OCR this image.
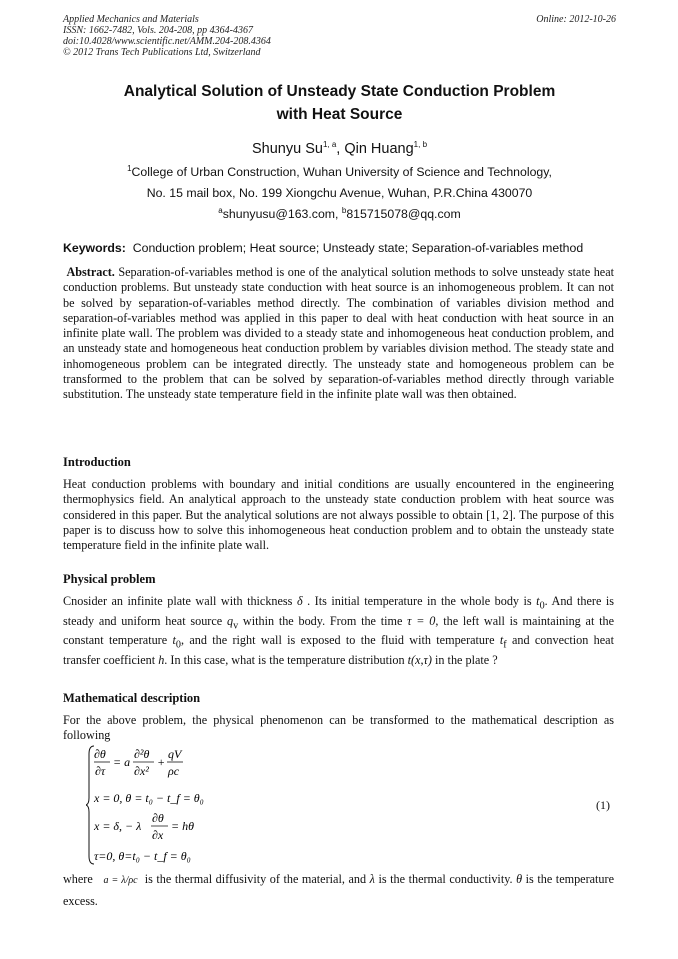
Applied Mechanics and Materials
ISSN: 1662-7482, Vols. 204-208, pp 4364-4367
doi:10.4028/www.scientific.net/AMM.204-208.4364
© 2012 Trans Tech Publications Ltd, Switzerland
Online: 2012-10-26
Analytical Solution of Unsteady State Conduction Problem
with Heat Source
Shunyu Su$^{1, a}$, Qin Huang$^{1, b}$
$^1$College of Urban Construction, Wuhan University of Science and Technology,
No. 15 mail box, No. 199 Xiongchu Avenue, Wuhan, P.R.China 430070
$^a$shunyusu@163.com, $^b$815715078@qq.com
Keywords: Conduction problem; Heat source; Unsteady state; Separation-of-variables method
Abstract. Separation-of-variables method is one of the analytical solution methods to solve unsteady state heat conduction problems. But unsteady state conduction with heat source is an inhomogeneous problem. It can not be solved by separation-of-variables method directly. The combination of variables division method and separation-of-variables method was applied in this paper to deal with heat conduction with heat source in an infinite plate wall. The problem was divided to a steady state and inhomogeneous heat conduction problem, and an unsteady state and homogeneous heat conduction problem by variables division method. The steady state and inhomogeneous problem can be integrated directly. The unsteady state and homogeneous problem can be transformed to the problem that can be solved by separation-of-variables method directly through variable substitution. The unsteady state temperature field in the infinite plate wall was then obtained.
Introduction
Heat conduction problems with boundary and initial conditions are usually encountered in the engineering thermophysics field. An analytical approach to the unsteady state conduction problem with heat source was considered in this paper. But the analytical solutions are not always possible to obtain [1, 2]. The purpose of this paper is to discuss how to solve this inhomogeneous heat conduction problem and to obtain the unsteady state temperature field in the infinite plate wall.
Physical problem
Cnosider an infinite plate wall with thickness δ . Its initial temperature in the whole body is $t_0$. And there is steady and uniform heat source $q_v$ within the body. From the time τ = 0, the left wall is maintaining at the constant temperature $t_0$, and the right wall is exposed to the fluid with temperature $t_f$ and convection heat transfer coefficient h. In this case, what is the temperature distribution t(x,τ) in the plate ?
Mathematical description
For the above problem, the physical phenomenon can be transformed to the mathematical description as following
∂θ
∂τ
= a
∂²θ
∂x²
+
qV
ρc
x = 0, θ = t₀ − t_f = θ₀
x = δ, − λ
∂θ
∂x
= hθ
τ=0, θ=t₀ − t_f = θ₀
(1)
where a = λ/ρc  is the thermal diffusivity of the material, and λ is the thermal conductivity. θ is the temperature excess.
